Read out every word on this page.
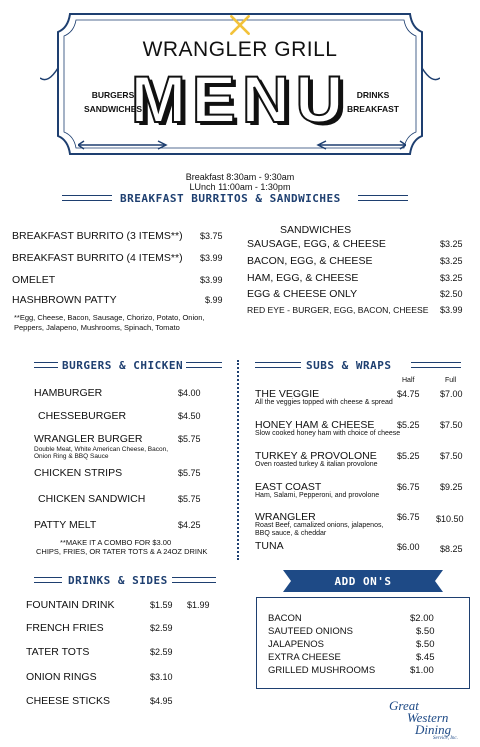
WRANGLER GRILL
MENU
BURGERS
SANDWICHES
DRINKS
BREAKFAST
Breakfast 8:30am - 9:30am
LUnch 11:00am - 1:30pm
BREAKFAST BURRITOS & SANDWICHES
BREAKFAST BURRITO (3 ITEMS**) $3.75
BREAKFAST BURRITO (4 ITEMS**) $3.99
OMELET	$3.99
HASHBROWN PATTY	$.99
**Egg, Cheese, Bacon, Sausage, Chorizo, Potato, Onion, Peppers, Jalapeno, Mushrooms, Spinach, Tomato
SANDWICHES
SAUSAGE, EGG, & CHEESE	$3.25
BACON, EGG, & CHEESE	$3.25
HAM, EGG, & CHEESE	$3.25
EGG & CHEESE ONLY	$2.50
RED EYE - BURGER, EGG, BACON, CHEESE $3.99
BURGERS & CHICKEN
HAMBURGER	$4.00
CHESSEBURGER	$4.50
WRANGLER BURGER	$5.75
Double Meat, White American Cheese, Bacon,
Onion Ring & BBQ Sauce
CHICKEN STRIPS	$5.75
CHICKEN SANDWICH	$5.75
PATTY MELT	$4.25
**MAKE IT A COMBO FOR $3.00
CHIPS, FRIES, OR TATER TOTS & A 24OZ DRINK
SUBS & WRAPS
Half	Full
THE VEGGIE	$4.75 $7.00
All the veggies topped with cheese & spread
HONEY HAM & CHEESE	$5.25 $7.50
Slow cooked honey ham with choice of cheese
TURKEY & PROVOLONE $5.25 $7.50
Oven roasted turkey & italian provolone
EAST COAST	$6.75 $9.25
Ham, Salami, Pepperoni, and provolone
WRANGLER	$6.75 $10.50
Roast Beef, camalized onions, jalapenos,
BBQ sauce, & cheddar
TUNA	$6.00 $8.25
DRINKS & SIDES
FOUNTAIN DRINK	$1.59 $1.99
FRENCH FRIES	$2.59
TATER TOTS	$2.59
ONION RINGS	$3.10
CHEESE STICKS	$4.95
ADD ON'S
BACON	$2.00
SAUTEED ONIONS	$.50
JALAPENOS	$.50
EXTRA CHEESE	$.45
GRILLED MUSHROOMS	$1.00
Great
Western
Dining
Service, Inc.
